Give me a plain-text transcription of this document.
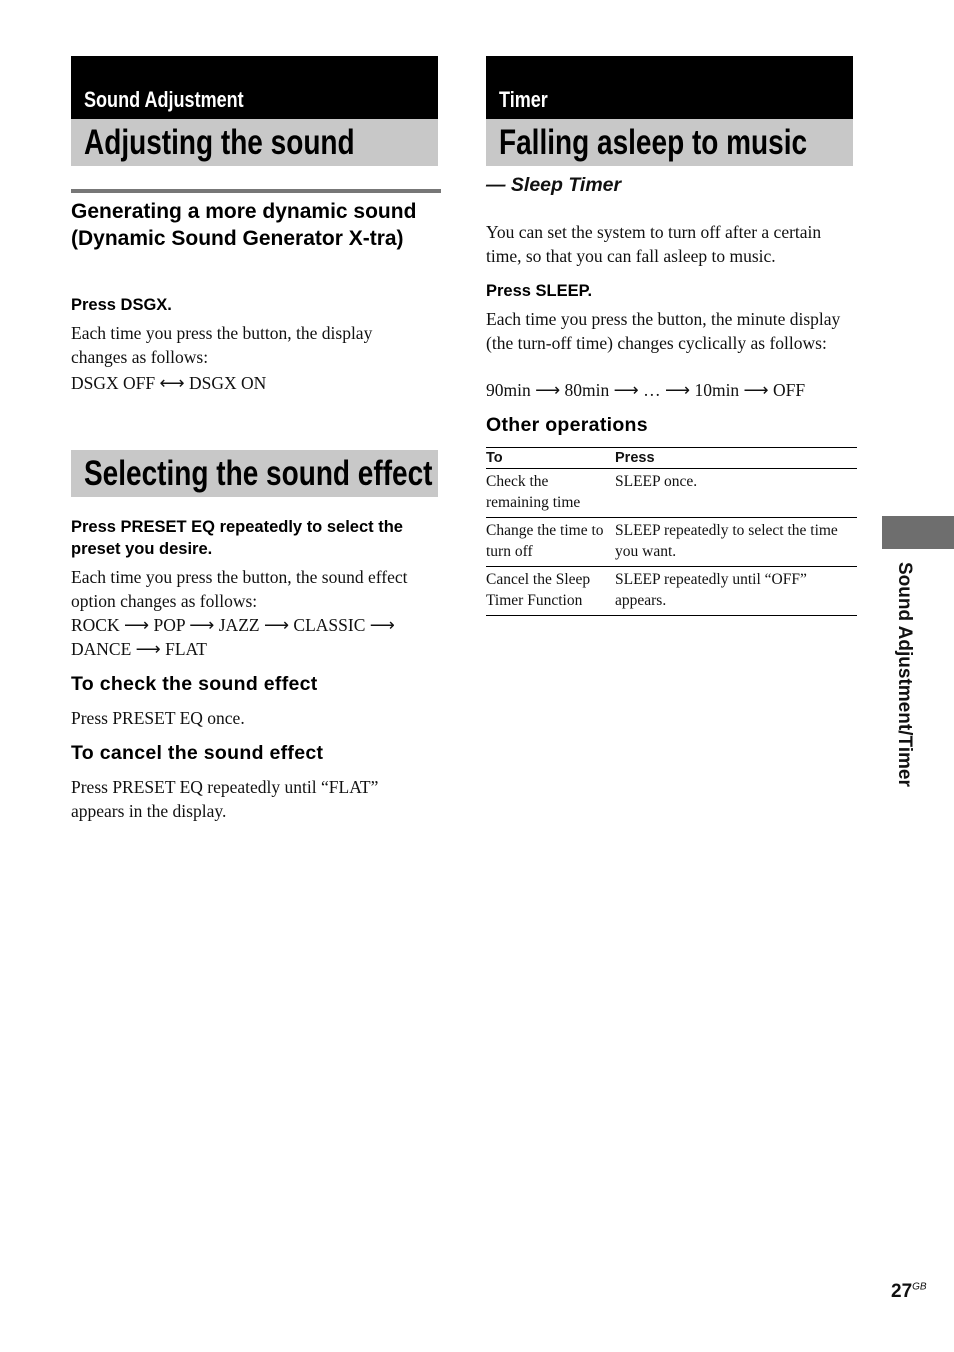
Sound Adjustment
Adjusting the sound
Generating a more dynamic sound (Dynamic Sound Generator X-tra)
Press DSGX.
Each time you press the button, the display changes as follows:
DSGX OFF ⟷ DSGX ON
Selecting the sound effect
Press PRESET EQ repeatedly to select the preset you desire.
Each time you press the button, the sound effect option changes as follows:
ROCK ⟶ POP ⟶ JAZZ ⟶ CLASSIC ⟶ DANCE ⟶ FLAT
To check the sound effect
Press PRESET EQ once.
To cancel the sound effect
Press PRESET EQ repeatedly until “FLAT” appears in the display.
Timer
Falling asleep to music
— Sleep Timer
You can set the system to turn off after a certain time, so that you can fall asleep to music.
Press SLEEP.
Each time you press the button, the minute display (the turn-off time) changes cyclically as follows:
90min ⟶ 80min ⟶ … ⟶ 10min ⟶ OFF
Other operations
To	Press
Check the remaining time	SLEEP once.
Change the time to turn off	SLEEP repeatedly to select the time you want.
Cancel the Sleep Timer Function	SLEEP repeatedly until “OFF” appears.	Sound Adjustment/Timer
$27^{GB}$
